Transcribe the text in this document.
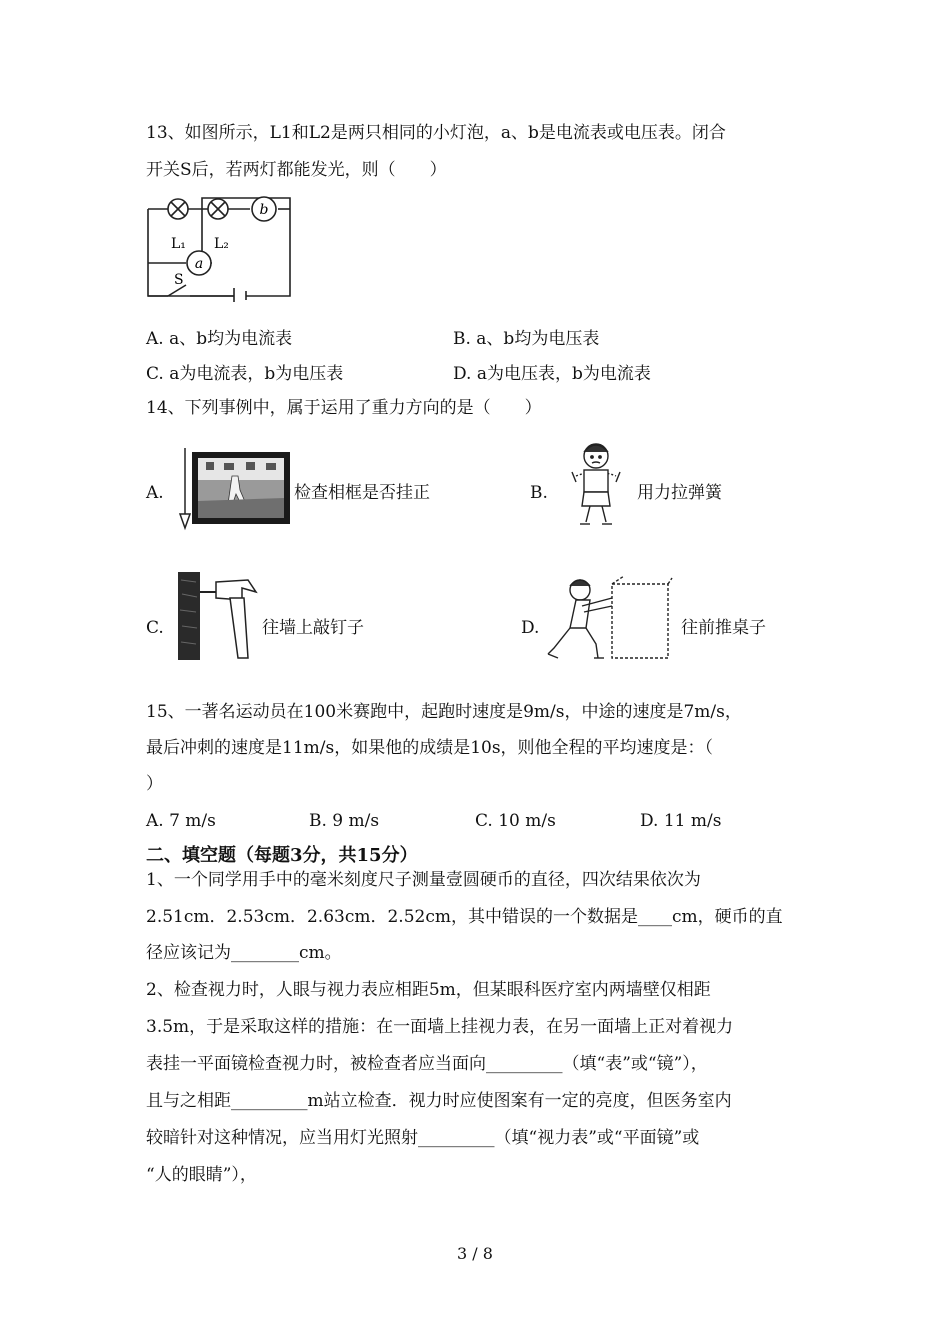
13、如图所示，L1和L2是两只相同的小灯泡，a、b是电流表或电压表。闭合
开关S后，若两灯都能发光，则（　　）
L₁ L₂
b
a
S
A. a、b均为电流表	B. a、b均为电压表
C. a为电流表，b为电压表	D. a为电压表，b为电流表
14、下列事例中，属于运用了重力方向的是（　　）
A.	检查相框是否挂正	B.	用力拉弹簧
C.	往墙上敲钉子	D.	往前推桌子
15、一著名运动员在100米赛跑中，起跑时速度是9m/s，中途的速度是7m/s，
最后冲刺的速度是11m/s，如果他的成绩是10s，则他全程的平均速度是：（
）
A. 7 m/s	B. 9 m/s	C. 10 m/s	D. 11 m/s
二、填空题（每题3分，共15分）
1、一个同学用手中的毫米刻度尺子测量壹圆硬币的直径，四次结果依次为
2.51cm．2.53cm．2.63cm．2.52cm，其中错误的一个数据是____cm，硬币的直
径应该记为________cm。
2、检查视力时，人眼与视力表应相距5m，但某眼科医疗室内两墙壁仅相距
3.5m，于是采取这样的措施：在一面墙上挂视力表，在另一面墙上正对着视力
表挂一平面镜检查视力时，被检查者应当面向_________（填“表”或“镜”），
且与之相距_________m站立检查．视力时应使图案有一定的亮度，但医务室内
较暗针对这种情况，应当用灯光照射_________（填“视力表”或“平面镜”或
“人的眼睛”），
3 / 8
